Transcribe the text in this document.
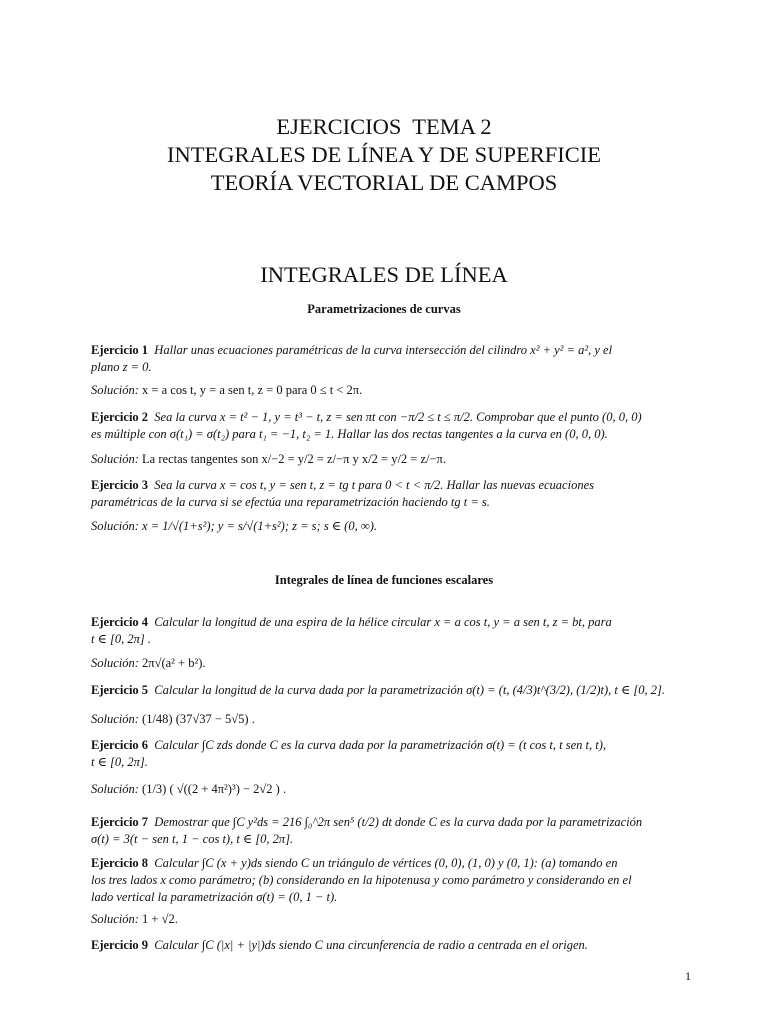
EJERCICIOS  TEMA 2
INTEGRALES DE LÍNEA Y DE SUPERFICIE
TEORÍA VECTORIAL DE CAMPOS
INTEGRALES DE LÍNEA
Parametrizaciones de curvas
Ejercicio 1 Hallar unas ecuaciones paramétricas de la curva intersección del cilindro x² + y² = a², y el
plano z = 0.
Solución: x = a cos t, y = a sen t, z = 0 para 0 ≤ t < 2π.
Ejercicio 2 Sea la curva x = t² − 1, y = t³ − t, z = sen πt con −π/2 ≤ t ≤ π/2. Comprobar que el punto (0, 0, 0)
es múltiple con σ(t₁) = σ(t₂) para t₁ = −1, t₂ = 1. Hallar las dos rectas tangentes a la curva en (0, 0, 0).
Solución: La rectas tangentes son x/−2 = y/2 = z/−π y x/2 = y/2 = z/−π.
Ejercicio 3 Sea la curva x = cos t, y = sen t, z = tg t para 0 < t < π/2. Hallar las nuevas ecuaciones
paramétricas de la curva si se efectúa una reparametrización haciendo tg t = s.
Solución: x = 1/√(1+s²); y = s/√(1+s²); z = s; s ∈ (0, ∞).
Integrales de línea de funciones escalares
Ejercicio 4 Calcular la longitud de una espira de la hélice circular x = a cos t, y = a sen t, z = bt, para
t ∈ [0, 2π] .
Solución: 2π√(a² + b²).
Ejercicio 5 Calcular la longitud de la curva dada por la parametrización σ(t) = (t, (4/3)t^(3/2), (1/2)t), t ∈ [0, 2].
Solución: (1/48) (37√37 − 5√5) .
Ejercicio 6 Calcular ∫C zds donde C es la curva dada por la parametrización σ(t) = (t cos t, t sen t, t),
t ∈ [0, 2π].
Solución: (1/3) ( √((2 + 4π²)³) − 2√2 ) .
Ejercicio 7 Demostrar que ∫C y²ds = 216 ∫₀^2π sen⁵ (t/2) dt donde C es la curva dada por la parametrización
σ(t) = 3(t − sen t, 1 − cos t), t ∈ [0, 2π].
Ejercicio 8 Calcular ∫C (x + y)ds siendo C un triángulo de vértices (0, 0), (1, 0) y (0, 1): (a) tomando en
los tres lados x como parámetro; (b) considerando en la hipotenusa y como parámetro y considerando en el
lado vertical la parametrización σ(t) = (0, 1 − t).
Solución: 1 + √2.
Ejercicio 9 Calcular ∫C (|x| + |y|)ds siendo C una circunferencia de radio a centrada en el origen.
1
